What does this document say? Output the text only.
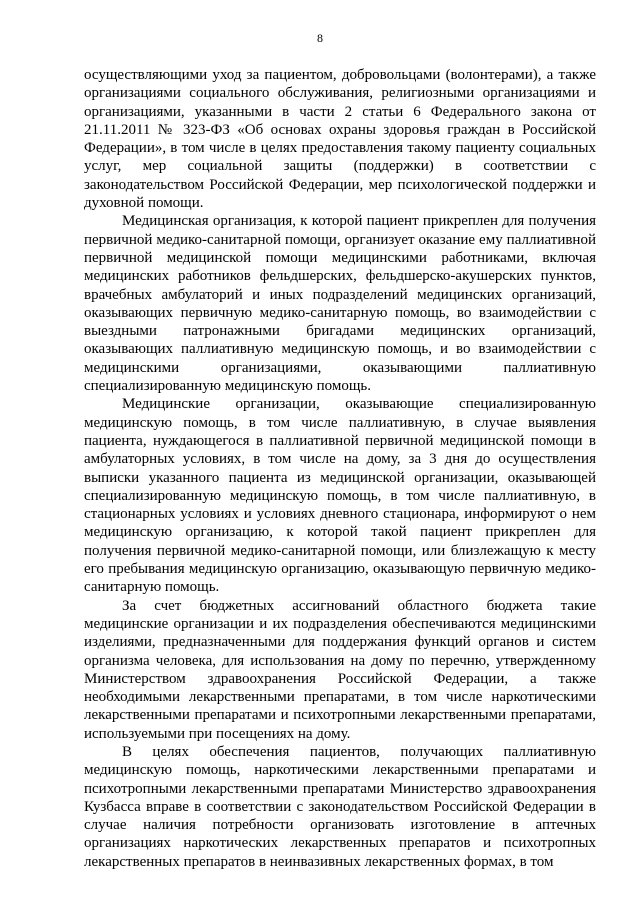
8

осуществляющими уход за пациентом, добровольцами (волонтерами), а также организациями социального обслуживания, религиозными организациями и организациями, указанными в части 2 статьи 6 Федерального закона от 21.11.2011 № 323-ФЗ «Об основах охраны здоровья граждан в Российской Федерации», в том числе в целях предоставления такому пациенту социальных услуг, мер социальной защиты (поддержки) в соответствии с законодательством Российской Федерации, мер психологической поддержки и духовной помощи.

Медицинская организация, к которой пациент прикреплен для получения первичной медико-санитарной помощи, организует оказание ему паллиативной первичной медицинской помощи медицинскими работниками, включая медицинских работников фельдшерских, фельдшерско-акушерских пунктов, врачебных амбулаторий и иных подразделений медицинских организаций, оказывающих первичную медико-санитарную помощь, во взаимодействии с выездными патронажными бригадами медицинских организаций, оказывающих паллиативную медицинскую помощь, и во взаимодействии с медицинскими организациями, оказывающими паллиативную специализированную медицинскую помощь.

Медицинские организации, оказывающие специализированную медицинскую помощь, в том числе паллиативную, в случае выявления пациента, нуждающегося в паллиативной первичной медицинской помощи в амбулаторных условиях, в том числе на дому, за 3 дня до осуществления выписки указанного пациента из медицинской организации, оказывающей специализированную медицинскую помощь, в том числе паллиативную, в стационарных условиях и условиях дневного стационара, информируют о нем медицинскую организацию, к которой такой пациент прикреплен для получения первичной медико-санитарной помощи, или близлежащую к месту его пребывания медицинскую организацию, оказывающую первичную медико-санитарную помощь.

За счет бюджетных ассигнований областного бюджета такие медицинские организации и их подразделения обеспечиваются медицинскими изделиями, предназначенными для поддержания функций органов и систем организма человека, для использования на дому по перечню, утвержденному Министерством здравоохранения Российской Федерации, а также необходимыми лекарственными препаратами, в том числе наркотическими лекарственными препаратами и психотропными лекарственными препаратами, используемыми при посещениях на дому.

В целях обеспечения пациентов, получающих паллиативную медицинскую помощь, наркотическими лекарственными препаратами и психотропными лекарственными препаратами Министерство здравоохранения Кузбасса вправе в соответствии с законодательством Российской Федерации в случае наличия потребности организовать изготовление в аптечных организациях наркотических лекарственных препаратов и психотропных лекарственных препаратов в неинвазивных лекарственных формах, в том
